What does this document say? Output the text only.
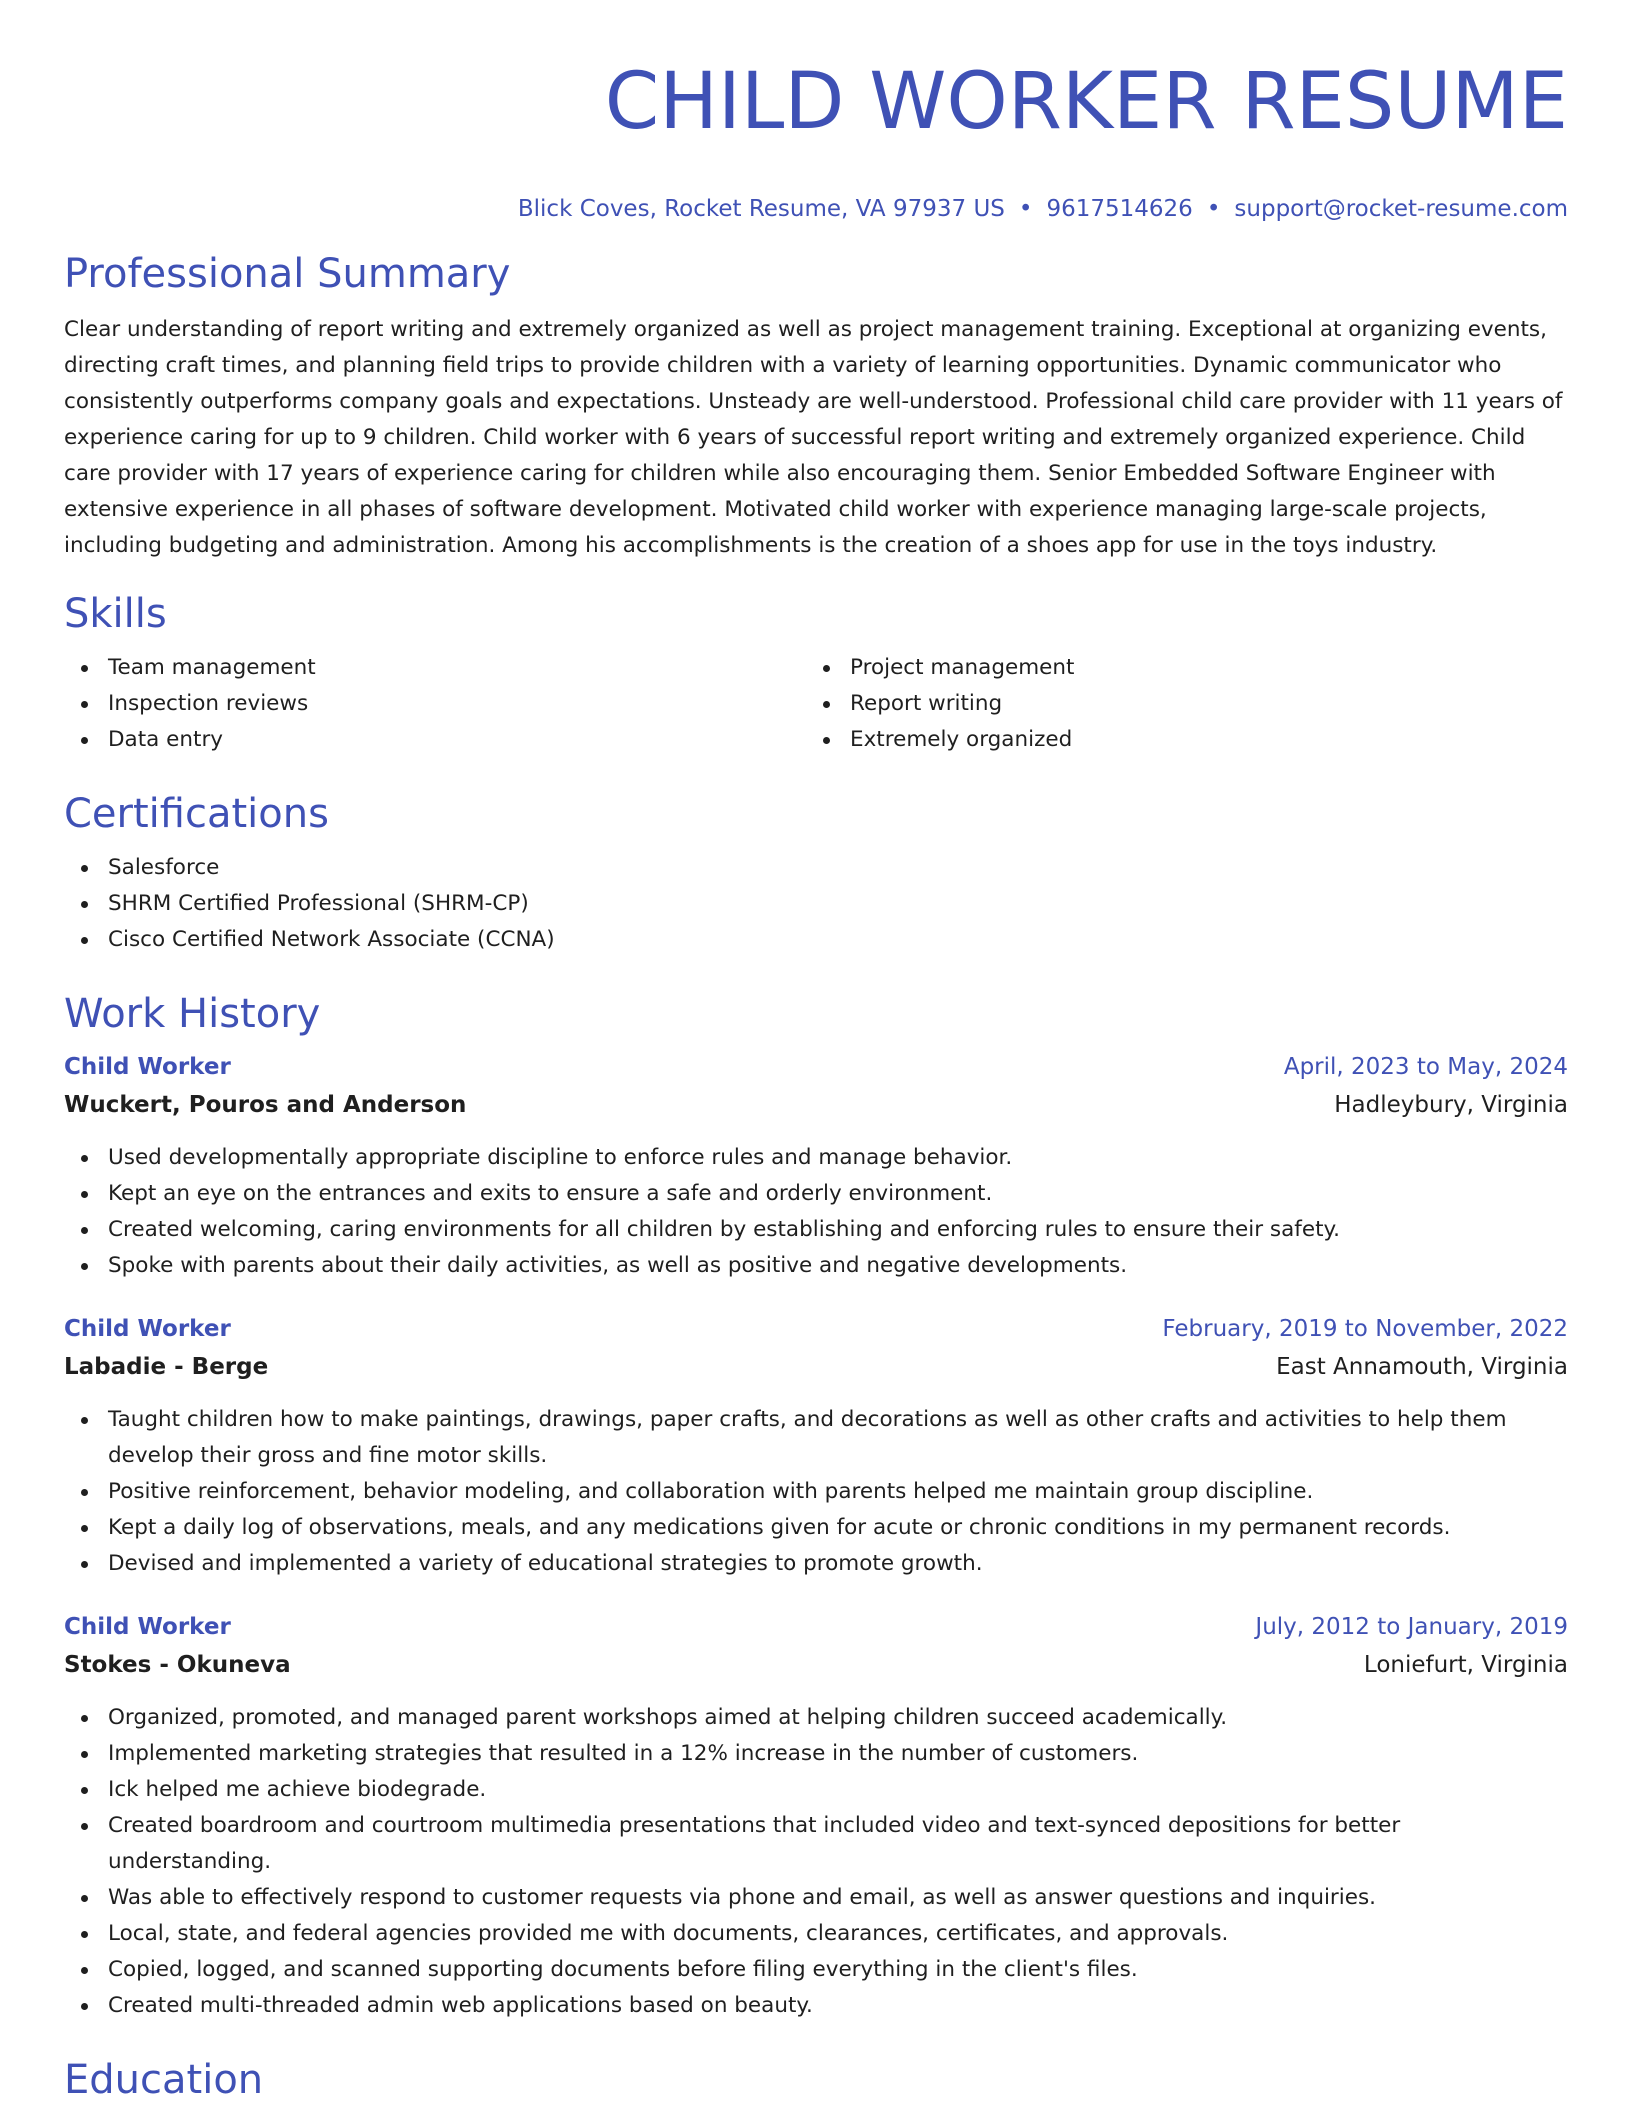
CHILD WORKER RESUME
Blick Coves, Rocket Resume, VA 97937 US • 9617514626 • support@rocket-resume.com
Professional Summary

Clear understanding of report writing and extremely organized as well as project management training. Exceptional at organizing events, directing craft times, and planning field trips to provide children with a variety of learning opportunities. Dynamic communicator who consistently outperforms company goals and expectations. Unsteady are well-understood. Professional child care provider with 11 years of experience caring for up to 9 children. Child worker with 6 years of successful report writing and extremely organized experience. Child care provider with 17 years of experience caring for children while also encouraging them. Senior Embedded Software Engineer with extensive experience in all phases of software development. Motivated child worker with experience managing large-scale projects, including budgeting and administration. Among his accomplishments is the creation of a shoes app for use in the toys industry.

Skills
Team management
Inspection reviews
Data entry
Project management
Report writing
Extremely organized
Certifications
Salesforce
SHRM Certified Professional (SHRM-CP)
Cisco Certified Network Associate (CCNA)
Work History
Child Worker	April, 2023 to May, 2024
Wuckert, Pouros and Anderson	Hadleybury, Virginia
Used developmentally appropriate discipline to enforce rules and manage behavior.
Kept an eye on the entrances and exits to ensure a safe and orderly environment.
Created welcoming, caring environments for all children by establishing and enforcing rules to ensure their safety.
Spoke with parents about their daily activities, as well as positive and negative developments.
Child Worker	February, 2019 to November, 2022
Labadie - Berge	East Annamouth, Virginia
Taught children how to make paintings, drawings, paper crafts, and decorations as well as other crafts and activities to help them develop their gross and fine motor skills.
Positive reinforcement, behavior modeling, and collaboration with parents helped me maintain group discipline.
Kept a daily log of observations, meals, and any medications given for acute or chronic conditions in my permanent records.
Devised and implemented a variety of educational strategies to promote growth.
Child Worker	July, 2012 to January, 2019
Stokes - Okuneva	Loniefurt, Virginia
Organized, promoted, and managed parent workshops aimed at helping children succeed academically.
Implemented marketing strategies that resulted in a 12% increase in the number of customers.
Ick helped me achieve biodegrade.
Created boardroom and courtroom multimedia presentations that included video and text-synced depositions for better understanding.
Was able to effectively respond to customer requests via phone and email, as well as answer questions and inquiries.
Local, state, and federal agencies provided me with documents, clearances, certificates, and approvals.
Copied, logged, and scanned supporting documents before filing everything in the client's files.
Created multi-threaded admin web applications based on beauty.
Education
